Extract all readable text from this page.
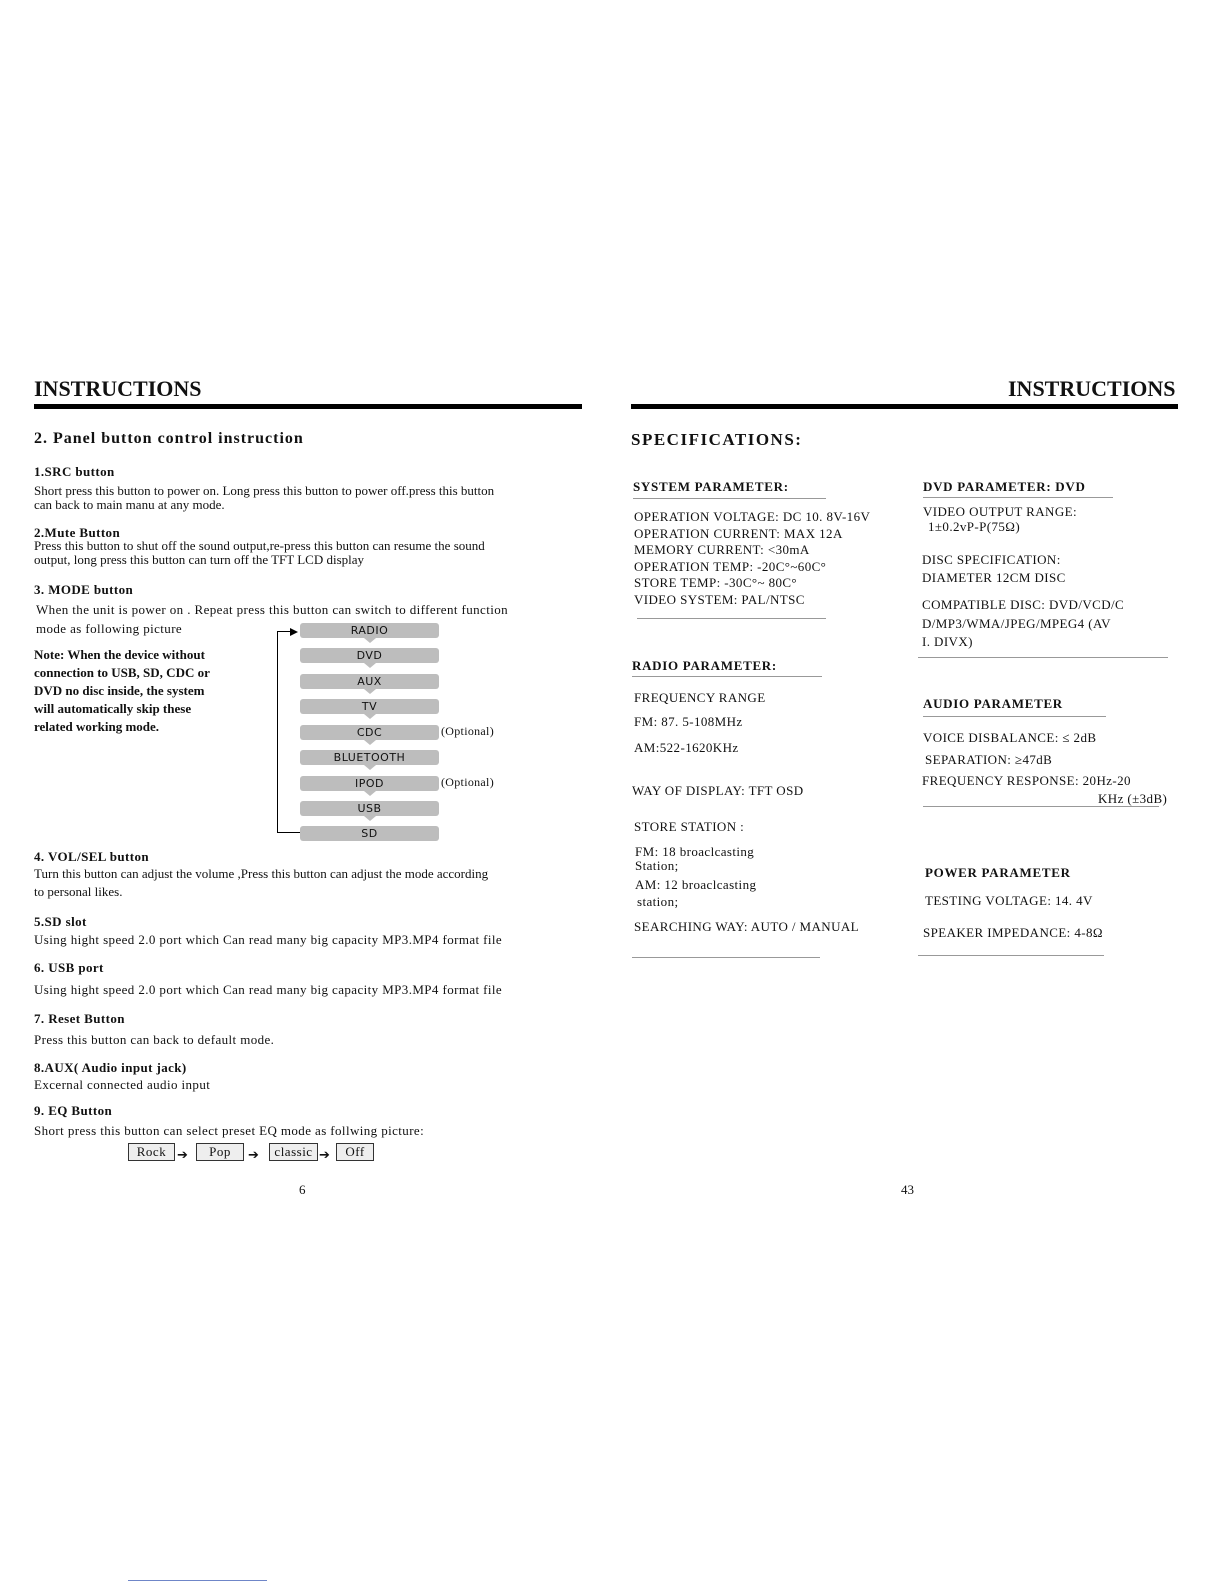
INSTRUCTIONS
2. Panel button control instruction
1.SRC button
Short press this button to power on. Long press this button to power off.press this button
can back to main manu at any mode.
2.Mute Button
Press this button to shut off the sound output,re-press this button can resume the sound
output, long press this button can turn off the TFT LCD display
3. MODE button
When the unit is power on . Repeat press this button can switch to different function
mode as following picture
Note: When the device without
connection to USB, SD, CDC or
DVD no disc inside, the system
will automatically skip these
related working mode.
RADIO
DVD
AUX
TV
CDC
BLUETOOTH
IPOD
USB
SD
(Optional)
(Optional)
4. VOL/SEL button
Turn this button can adjust the volume ,Press this button can adjust the mode according
to personal likes.
5.SD slot
Using hight speed 2.0 port which Can read many big capacity MP3.MP4 format file
6. USB port
Using hight speed 2.0 port which Can read many big capacity MP3.MP4 format file
7. Reset Button
Press this button can back to default mode.
8.AUX( Audio input jack)
Excernal connected audio input
9. EQ Button
Short press this button can select preset EQ mode as follwing picture:
Rock ➔	Pop	➔	classic ➔	Off
6
INSTRUCTIONS
SPECIFICATIONS:
SYSTEM PARAMETER:
OPERATION VOLTAGE: DC 10. 8V-16V
OPERATION CURRENT: MAX 12A
MEMORY CURRENT: <30mA
OPERATION TEMP: -20C°~60C°
STORE TEMP: -30C°~ 80C°
VIDEO SYSTEM: PAL/NTSC
RADIO PARAMETER:
FREQUENCY RANGE
FM: 87. 5-108MHz
AM:522-1620KHz
WAY OF DISPLAY: TFT OSD
STORE STATION :
FM: 18 broaclcasting
Station;
AM: 12 broaclcasting
station;
SEARCHING WAY: AUTO / MANUAL
DVD PARAMETER: DVD
VIDEO OUTPUT RANGE:
1±0.2vP-P(75Ω)
DISC SPECIFICATION:
DIAMETER 12CM DISC
COMPATIBLE DISC: DVD/VCD/C
D/MP3/WMA/JPEG/MPEG4 (AV
I. DIVX)
AUDIO PARAMETER
VOICE DISBALANCE: ≤ 2dB
SEPARATION: ≥47dB
FREQUENCY RESPONSE: 20Hz-20
KHz (±3dB)
POWER PARAMETER
TESTING VOLTAGE: 14. 4V
SPEAKER IMPEDANCE: 4-8Ω
43
